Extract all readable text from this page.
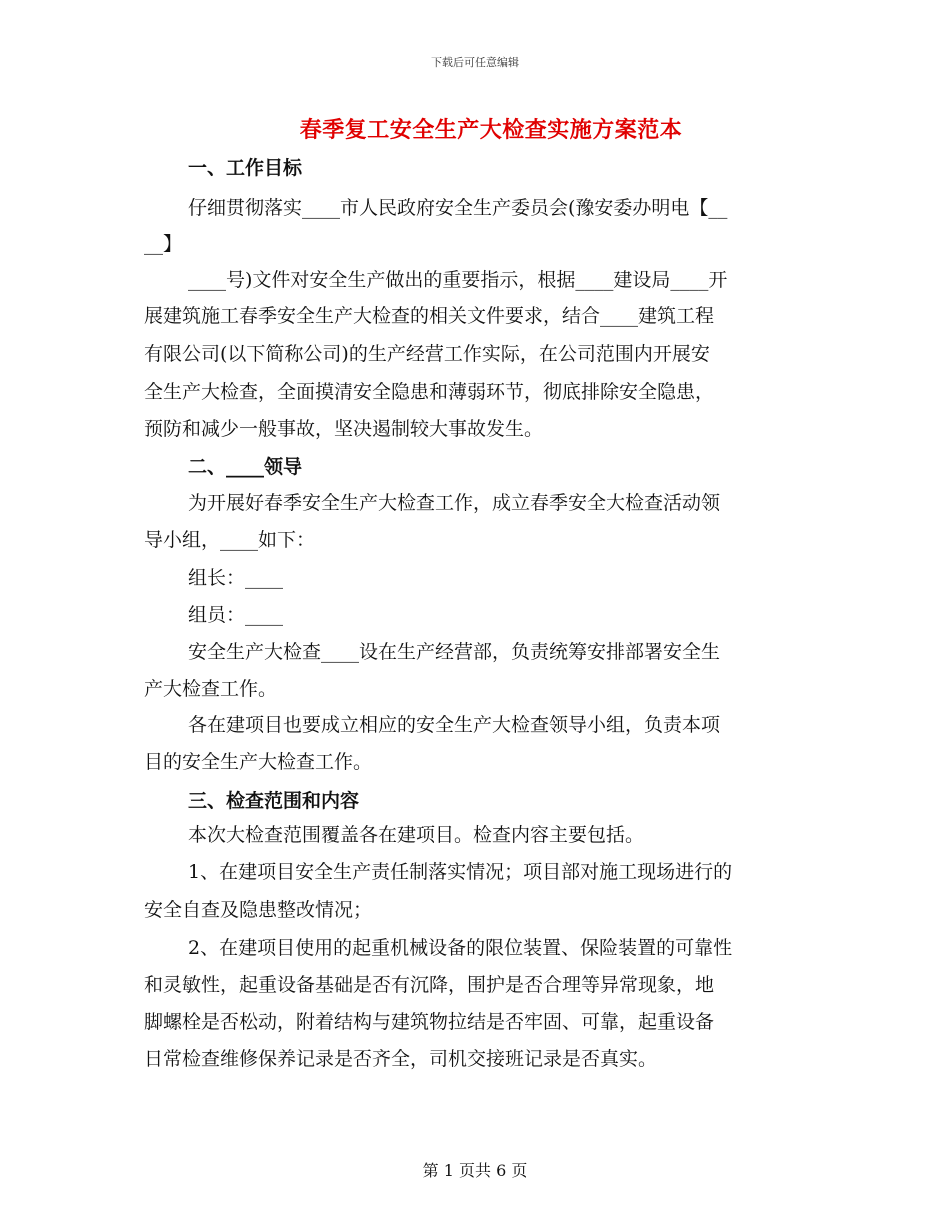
下载后可任意编辑
春季复工安全生产大检查实施方案范本
一、工作目标
仔细贯彻落实____市人民政府安全生产委员会(豫安委办明电【__
__】
____号)文件对安全生产做出的重要指示，根据____建设局____开
展建筑施工春季安全生产大检查的相关文件要求，结合____建筑工程
有限公司(以下简称公司)的生产经营工作实际，在公司范围内开展安
全生产大检查，全面摸清安全隐患和薄弱环节，彻底排除安全隐患，
预防和减少一般事故，坚决遏制较大事故发生。
二、____领导
为开展好春季安全生产大检查工作，成立春季安全大检查活动领
导小组，____如下：
组长：____
组员：____
安全生产大检查____设在生产经营部，负责统筹安排部署安全生
产大检查工作。
各在建项目也要成立相应的安全生产大检查领导小组，负责本项
目的安全生产大检查工作。
三、检查范围和内容
本次大检查范围覆盖各在建项目。检查内容主要包括。
1、在建项目安全生产责任制落实情况；项目部对施工现场进行的
安全自查及隐患整改情况；
2、在建项目使用的起重机械设备的限位装置、保险装置的可靠性
和灵敏性，起重设备基础是否有沉降，围护是否合理等异常现象，地
脚螺栓是否松动，附着结构与建筑物拉结是否牢固、可靠，起重设备
日常检查维修保养记录是否齐全，司机交接班记录是否真实。
第 1 页共 6 页
